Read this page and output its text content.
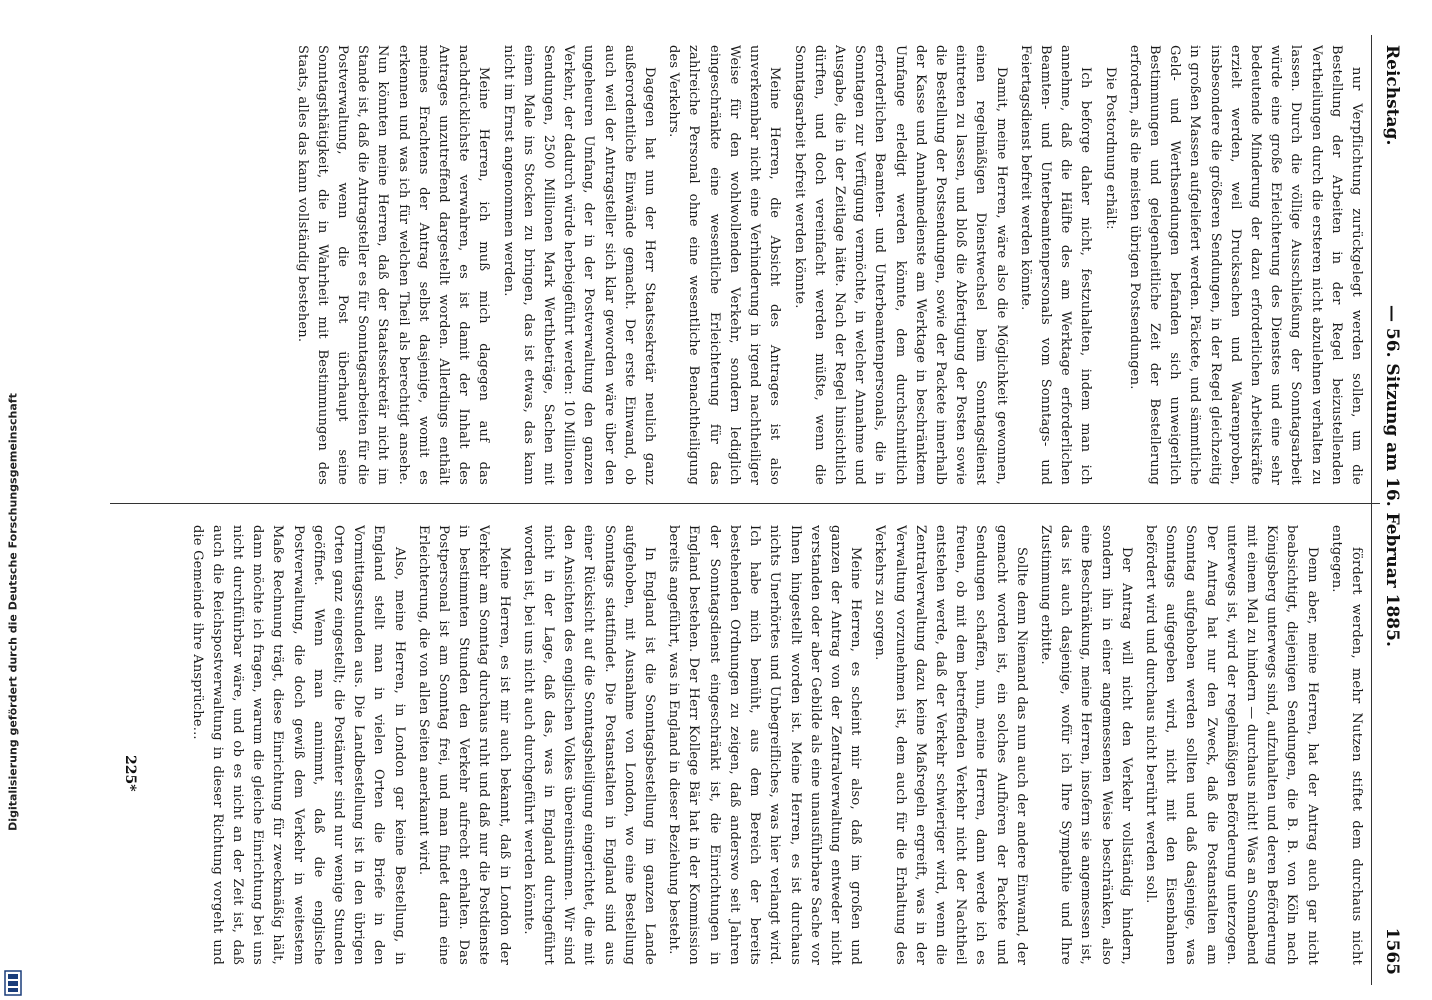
Digitalisierung gefördert durch die Deutsche Forschungsgemeinschaft
Reichstag.
— 56. Sitzung am 16. Februar 1885.
1565

nur Verpflichtung zurückgelegt werden sollen, um die Bestellung der Arbeiten in der Regel beizustellenden Vertheilungen durch die ersteren nicht abzulehnen verhalten zu lassen. Durch die völlige Ausschließung der Sonntagsarbeit würde eine große Erleichterung des Dienstes und eine sehr bedeutende Minderung der dazu erforderlichen Arbeitskräfte erzielt werden, weil Drucksachen und Waarenproben, insbesondere die größeren Sendungen, in der Regel gleichzeitig in großen Massen aufgeliefert werden. Päckete, und sämmtliche Geld- und Werthsendungen befanden sich unweigerlich Bestimmungen und gelegenheitliche Zeit der Bestellerung erfordern, als die meisten übrigen Postsendungen.

Die Postordnung erhält:

Ich beforge daher nicht, festzuhalten, indem man ich annehme, daß die Hälfte des am Werktage erforderlichen Beamten- und Unterbeamtenpersonals vom Sonntags- und Feiertagsdienst befreit werden könnte.

Damit, meine Herren, wäre also die Möglichkeit gewonnen, einen regelmäßigen Dienstwechsel beim Sonntagsdienst eintreten zu lassen, und bloß die Abfertigung der Posten sowie die Bestellung der Postsendungen, sowie der Packete innerhalb der Kasse und Annahmedienste am Werktage in beschränktem Umfange erledigt werden könnte, dem durchschnittlich erforderlichen Beamten- und Unterbeamtenpersonals, die in Sonntagen zur Verfügung vermöchte, in welcher Annahme und Ausgabe, die in der Zeitlage hätte. Nach der Regel hinsichtlich dürften, und doch vereinfacht werden müßte, wenn die Sonntagsarbeit befreit werden könnte.

Meine Herren, die Absicht des Antrages ist also unverkennbar nicht eine Verhinderung in irgend nachtheiliger Weise für den wohlwollenden Verkehr, sondern lediglich eingeschränkte eine wesentliche Erleichterung für das zahlreiche Personal ohne eine wesentliche Benachtheiligung des Verkehrs.

Dagegen hat nun der Herr Staatssekretär neulich ganz außerordentliche Einwände gemacht. Der erste Einwand, ob auch weil der Antragsteller sich klar geworden wäre über den ungeheuren Umfang, der in der Postverwaltung den ganzen Verkehr, der dadurch würde herbeigeführt werden: 10 Millionen Sendungen, 2500 Millionen Mark Werthbeträge, Sachen mit einem Male ins Stocken zu bringen, das ist etwas, das kann nicht im Ernst angenommen werden.

Meine Herren, ich muß mich dagegen auf das nachdrücklichste verwahren, es ist damit der Inhalt des Antrages unzutreffend dargestellt worden. Allerdings enthält meines Erachtens der Antrag selbst dasjenige, womit es erkennen und was ich für welchen Theil als berechtigt ansehe. Nun könnten meine Herren, daß der Staatssekretär nicht im Stande ist, daß die Antragsteller es für Sonntagsarbeiten für die Postverwaltung, wenn die Post überhaupt seine Sonntagsthätigkeit, die in Wahrheit mit Bestimmungen des Staats, alles das kann vollständig bestehen.

fördert werden, mehr Nutzen stiftet dem durchaus nicht entgegen.

Denn aber, meine Herren, hat der Antrag auch gar nicht beabsichtigt, diejenigen Sendungen, die B. B. von Köln nach Königsberg unterwegs sind, aufzuhalten und deren Beförderung mit einem Mal zu hindern — durchaus nicht! Was an Sonnabend unterwegs ist, wird der regelmäßigen Beförderung unterzogen. Der Antrag hat nur den Zweck, daß die Postanstalten am Sonntag aufgehoben werden sollten und daß dasjenige, was Sonntags aufgegeben wird, nicht mit den Eisenbahnen befördert wird und durchaus nicht berührt werden soll.

Der Antrag will nicht den Verkehr vollständig hindern, sondern ihn in einer angemessenen Weise beschränken, also eine Beschränkung, meine Herren, insofern sie angemessen ist, das ist auch dasjenige, wofür ich Ihre Sympathie und Ihre Zustimmung erbitte.

Sollte denn Niemand das nun auch der andere Einwand, der gemacht worden ist, ein solches Aufhören der Packete und Sendungen schaffen, nun, meine Herren, dann werde ich es freuen, ob mit dem betreffenden Verkehr nicht der Nachtheil entstehen werde, daß der Verkehr schwieriger wird, wenn die Zentralverwaltung dazu keine Maßregeln ergreift, was in der Verwaltung vorzunehmen ist, dem auch für die Erhaltung des Verkehrs zu sorgen.

Meine Herren, es scheint mir also, daß im großen und ganzen der Antrag von der Zentralverwaltung entweder nicht verstanden oder aber Gebilde als eine unausführbare Sache vor Ihnen hingestellt worden ist. Meine Herren, es ist durchaus nichts Unerhörtes und Unbegreifliches, was hier verlangt wird. Ich habe mich bemüht, aus dem Bereich der bereits bestehenden Ordnungen zu zeigen, daß anderswo seit Jahren der Sonntagsdienst eingeschränkt ist, die Einrichtungen in England bestehen. Der Herr Kollege Bär hat in der Kommission bereits angeführt, was in England in dieser Beziehung besteht.

In England ist die Sonntagsbestellung im ganzen Lande aufgehoben, mit Ausnahme von London, wo eine Bestellung Sonntags stattfindet. Die Postanstalten in England sind aus einer Rücksicht auf die Sonntagsheiligung eingerichtet, die mit den Ansichten des englischen Volkes übereinstimmen. Wir sind nicht in der Lage, daß das, was in England durchgeführt worden ist, bei uns nicht auch durchgeführt werden könnte.

Meine Herren, es ist mir auch bekannt, daß in London der Verkehr am Sonntag durchaus ruht und daß nur die Postdienste in bestimmten Stunden den Verkehr aufrecht erhalten. Das Postpersonal ist am Sonntag frei, und man findet darin eine Erleichterung, die von allen Seiten anerkannt wird.

Also, meine Herren, in London gar keine Bestellung, in England stellt man in vielen Orten die Briefe in den Vormittagsstunden aus. Die Landbestellung ist in den übrigen Orten ganz eingestellt; die Postämter sind nur wenige Stunden geöffnet. Wenn man annimmt, daß die englische Postverwaltung, die doch gewiß dem Verkehr in weitestem Maße Rechnung trägt, diese Einrichtung für zweckmäßig hält, dann möchte ich fragen, warum die gleiche Einrichtung bei uns nicht durchführbar wäre, und ob es nicht an der Zeit ist, daß auch die Reichspostverwaltung in dieser Richtung vorgeht und die Gemeinde ihre Ansprüche...

225*
